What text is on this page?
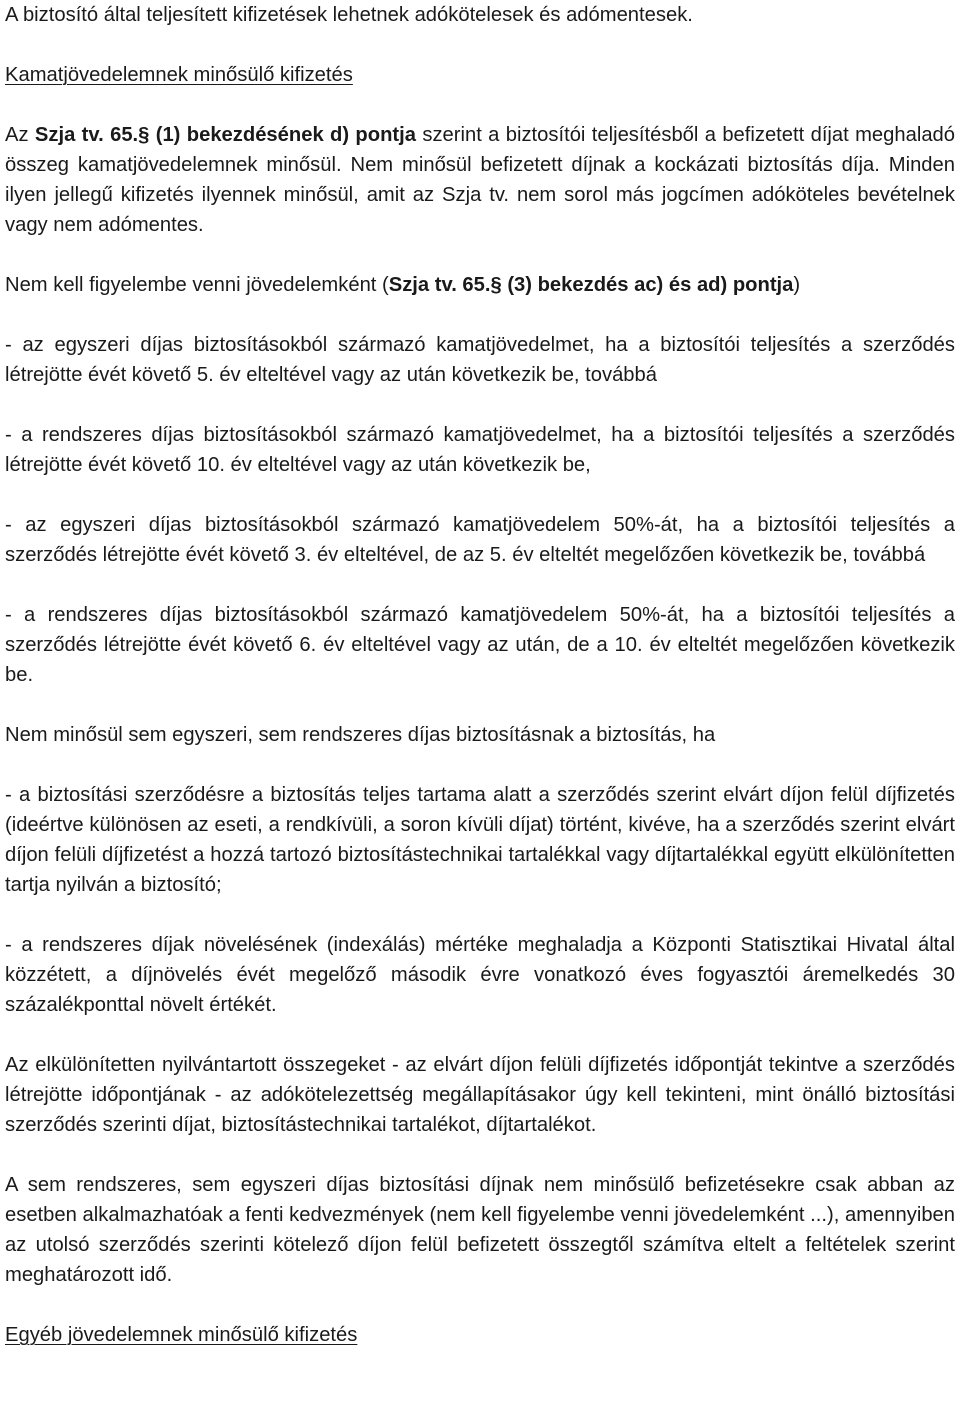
A biztosító által teljesített kifizetések lehetnek adókötelesek és adómentesek.

Kamatjövedelemnek minősülő kifizetés

Az Szja tv. 65.§ (1) bekezdésének d) pontja szerint a biztosítói teljesítésből a befizetett díjat meghaladó összeg kamatjövedelemnek minősül. Nem minősül befizetett díjnak a kockázati biztosítás díja. Minden ilyen jellegű kifizetés ilyennek minősül, amit az Szja tv. nem sorol más jogcímen adóköteles bevételnek vagy nem adómentes.

Nem kell figyelembe venni jövedelemként (Szja tv. 65.§ (3) bekezdés ac) és ad) pontja)

- az egyszeri díjas biztosításokból származó kamatjövedelmet, ha a biztosítói teljesítés a szerződés létrejötte évét követő 5. év elteltével vagy az után következik be, továbbá

- a rendszeres díjas biztosításokból származó kamatjövedelmet, ha a biztosítói teljesítés a szerződés létrejötte évét követő 10. év elteltével vagy az után következik be,

- az egyszeri díjas biztosításokból származó kamatjövedelem 50%-át, ha a biztosítói teljesítés a szerződés létrejötte évét követő 3. év elteltével, de az 5. év elteltét megelőzően következik be, továbbá

- a rendszeres díjas biztosításokból származó kamatjövedelem 50%-át, ha a biztosítói teljesítés a szerződés létrejötte évét követő 6. év elteltével vagy az után, de a 10. év elteltét megelőzően következik be.

Nem minősül sem egyszeri, sem rendszeres díjas biztosításnak a biztosítás, ha

- a biztosítási szerződésre a biztosítás teljes tartama alatt a szerződés szerint elvárt díjon felül díjfizetés (ideértve különösen az eseti, a rendkívüli, a soron kívüli díjat) történt, kivéve, ha a szerződés szerint elvárt díjon felüli díjfizetést a hozzá tartozó biztosítástechnikai tartalékkal vagy díjtartalékkal együtt elkülönítetten tartja nyilván a biztosító;

- a rendszeres díjak növelésének (indexálás) mértéke meghaladja a Központi Statisztikai Hivatal által közzétett, a díjnövelés évét megelőző második évre vonatkozó éves fogyasztói áremelkedés 30 százalékponttal növelt értékét.

Az elkülönítetten nyilvántartott összegeket - az elvárt díjon felüli díjfizetés időpontját tekintve a szerződés létrejötte időpontjának - az adókötelezettség megállapításakor úgy kell tekinteni, mint önálló biztosítási szerződés szerinti díjat, biztosítástechnikai tartalékot, díjtartalékot.

A sem rendszeres, sem egyszeri díjas biztosítási díjnak nem minősülő befizetésekre csak abban az esetben alkalmazhatóak a fenti kedvezmények (nem kell figyelembe venni jövedelemként ...), amennyiben az utolsó szerződés szerinti kötelező díjon felül befizetett összegtől számítva eltelt a feltételek szerint meghatározott idő.

Egyéb jövedelemnek minősülő kifizetés
